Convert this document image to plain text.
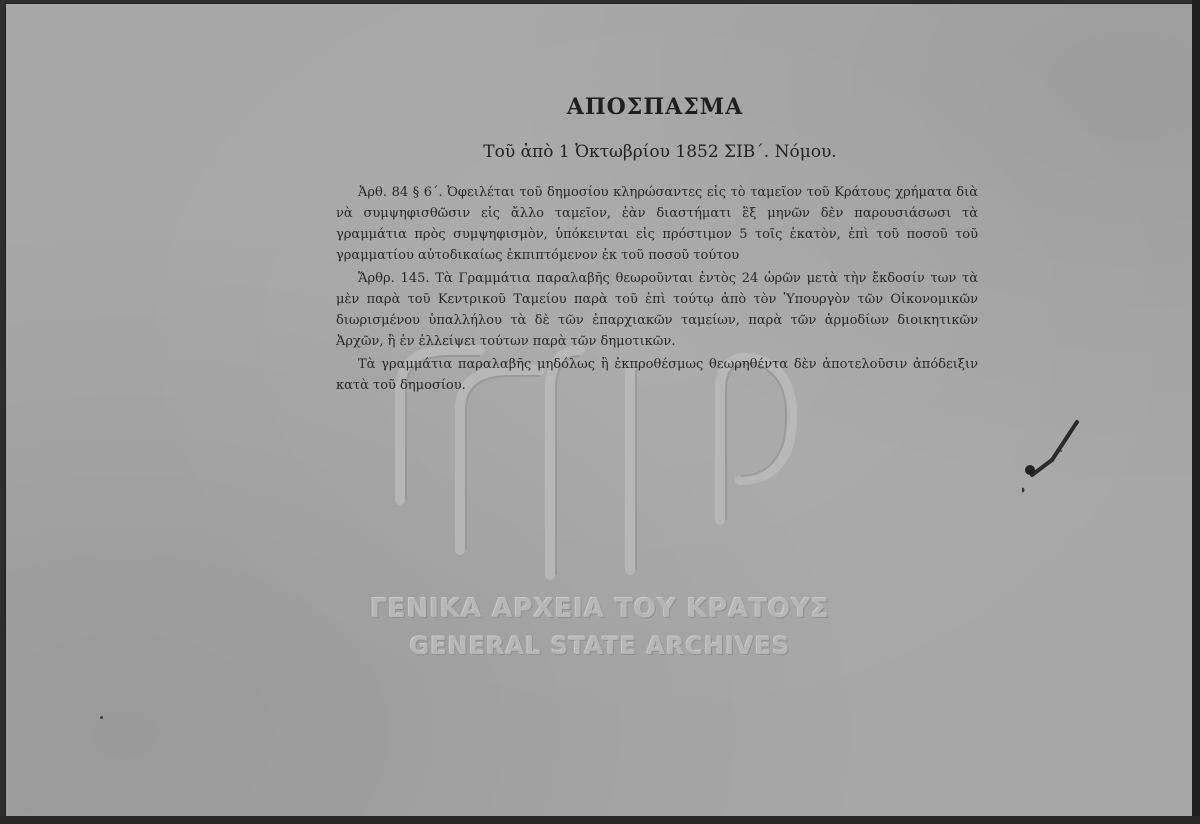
ΑΠΟΣΠΑΣΜΑ
Τοῦ ἀπὸ 1 Ὀκτωβρίου 1852 ΣΙΒ΄. Νόμου.

Ἀρθ. 84 § 6΄. Ὀφειλέται τοῦ δημοσίου κληρώσαντες εἰς τὸ ταμεῖον τοῦ Κράτους χρήματα διὰ νὰ συμψηφισθῶσιν εἰς ἄλλο ταμεῖον, ἐὰν διαστήματι ἓξ μηνῶν δὲν παρουσιάσωσι τὰ γραμμάτια πρὸς συμψηφισμὸν, ὑπόκεινται εἰς πρόστιμον 5 τοῖς ἑκατὸν, ἐπὶ τοῦ ποσοῦ τοῦ γραμματίου αὐτοδικαίως ἐκπιπτόμενον ἐκ τοῦ ποσοῦ τούτου

Ἄρθρ. 145. Τὰ Γραμμάτια παραλαβῆς θεωροῦνται ἐντὸς 24 ὡρῶν μετὰ τὴν ἔκδοσίν των τὰ μὲν παρὰ τοῦ Κεντρικοῦ Ταμείου παρὰ τοῦ ἐπὶ τούτῳ ἀπὸ τὸν Ὑπουργὸν τῶν Οἰκονομικῶν διωρισμένου ὑπαλλήλου τὰ δὲ τῶν ἐπαρχιακῶν ταμείων, παρὰ τῶν ἁρμοδίων διοικητικῶν Ἀρχῶν, ἢ ἐν ἐλλείψει τούτων παρὰ τῶν δημοτικῶν.

Τὰ γραμμάτια παραλαβῆς μηδόλως ἢ ἐκπροθέσμως θεωρηθέντα δὲν ἀποτελοῦσιν ἀπόδειξιν κατὰ τοῦ δημοσίου.

ΓΕΝΙΚΑ ΑΡΧΕΙΑ ΤΟΥ ΚΡΑΤΟΥΣ
GENERAL STATE ARCHIVES
